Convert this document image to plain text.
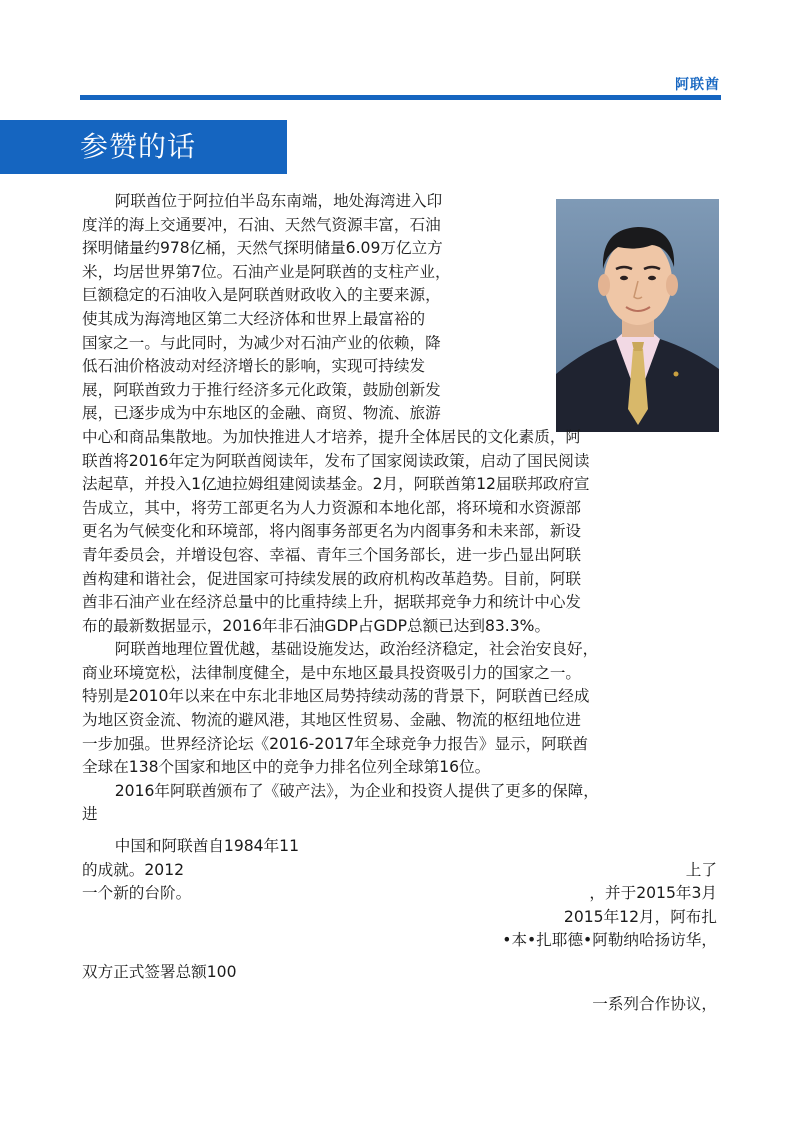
阿联酋
参赞的话

阿联酋位于阿拉伯半岛东南端，地处海湾进入印
度洋的海上交通要冲，石油、天然气资源丰富，石油
探明储量约978亿桶，天然气探明储量6.09万亿立方
米，均居世界第7位。石油产业是阿联酋的支柱产业，
巨额稳定的石油收入是阿联酋财政收入的主要来源，
使其成为海湾地区第二大经济体和世界上最富裕的
国家之一。与此同时，为减少对石油产业的依赖，降
低石油价格波动对经济增长的影响，实现可持续发
展，阿联酋致力于推行经济多元化政策，鼓励创新发
展，已逐步成为中东地区的金融、商贸、物流、旅游
中心和商品集散地。为加快推进人才培养，提升全体居民的文化素质，阿
联酋将2016年定为阿联酋阅读年，发布了国家阅读政策，启动了国民阅读
法起草，并投入1亿迪拉姆组建阅读基金。2月，阿联酋第12届联邦政府宣
告成立，其中，将劳工部更名为人力资源和本地化部，将环境和水资源部
更名为气候变化和环境部，将内阁事务部更名为内阁事务和未来部，新设
青年委员会，并增设包容、幸福、青年三个国务部长，进一步凸显出阿联
酋构建和谐社会，促进国家可持续发展的政府机构改革趋势。目前，阿联
酋非石油产业在经济总量中的比重持续上升，据联邦竞争力和统计中心发
布的最新数据显示，2016年非石油GDP占GDP总额已达到83.3%。

阿联酋地理位置优越，基础设施发达，政治经济稳定，社会治安良好，
商业环境宽松，法律制度健全，是中东地区最具投资吸引力的国家之一。
特别是2010年以来在中东北非地区局势持续动荡的背景下，阿联酋已经成
为地区资金流、物流的避风港，其地区性贸易、金融、物流的枢纽地位进
一步加强。世界经济论坛《2016-2017年全球竞争力报告》显示，阿联酋
全球在138个国家和地区中的竞争力排名位列全球第16位。

2016年阿联酋颁布了《破产法》，为企业和投资人提供了更多的保障，
进

中国和阿联酋自1984年11
的成就。2012	上了
一个新的台阶。	，并于2015年3月
2015年12月，阿布扎
•本•扎耶德•阿勒纳哈扬访华，
双方正式签署总额100
一系列合作协议，
